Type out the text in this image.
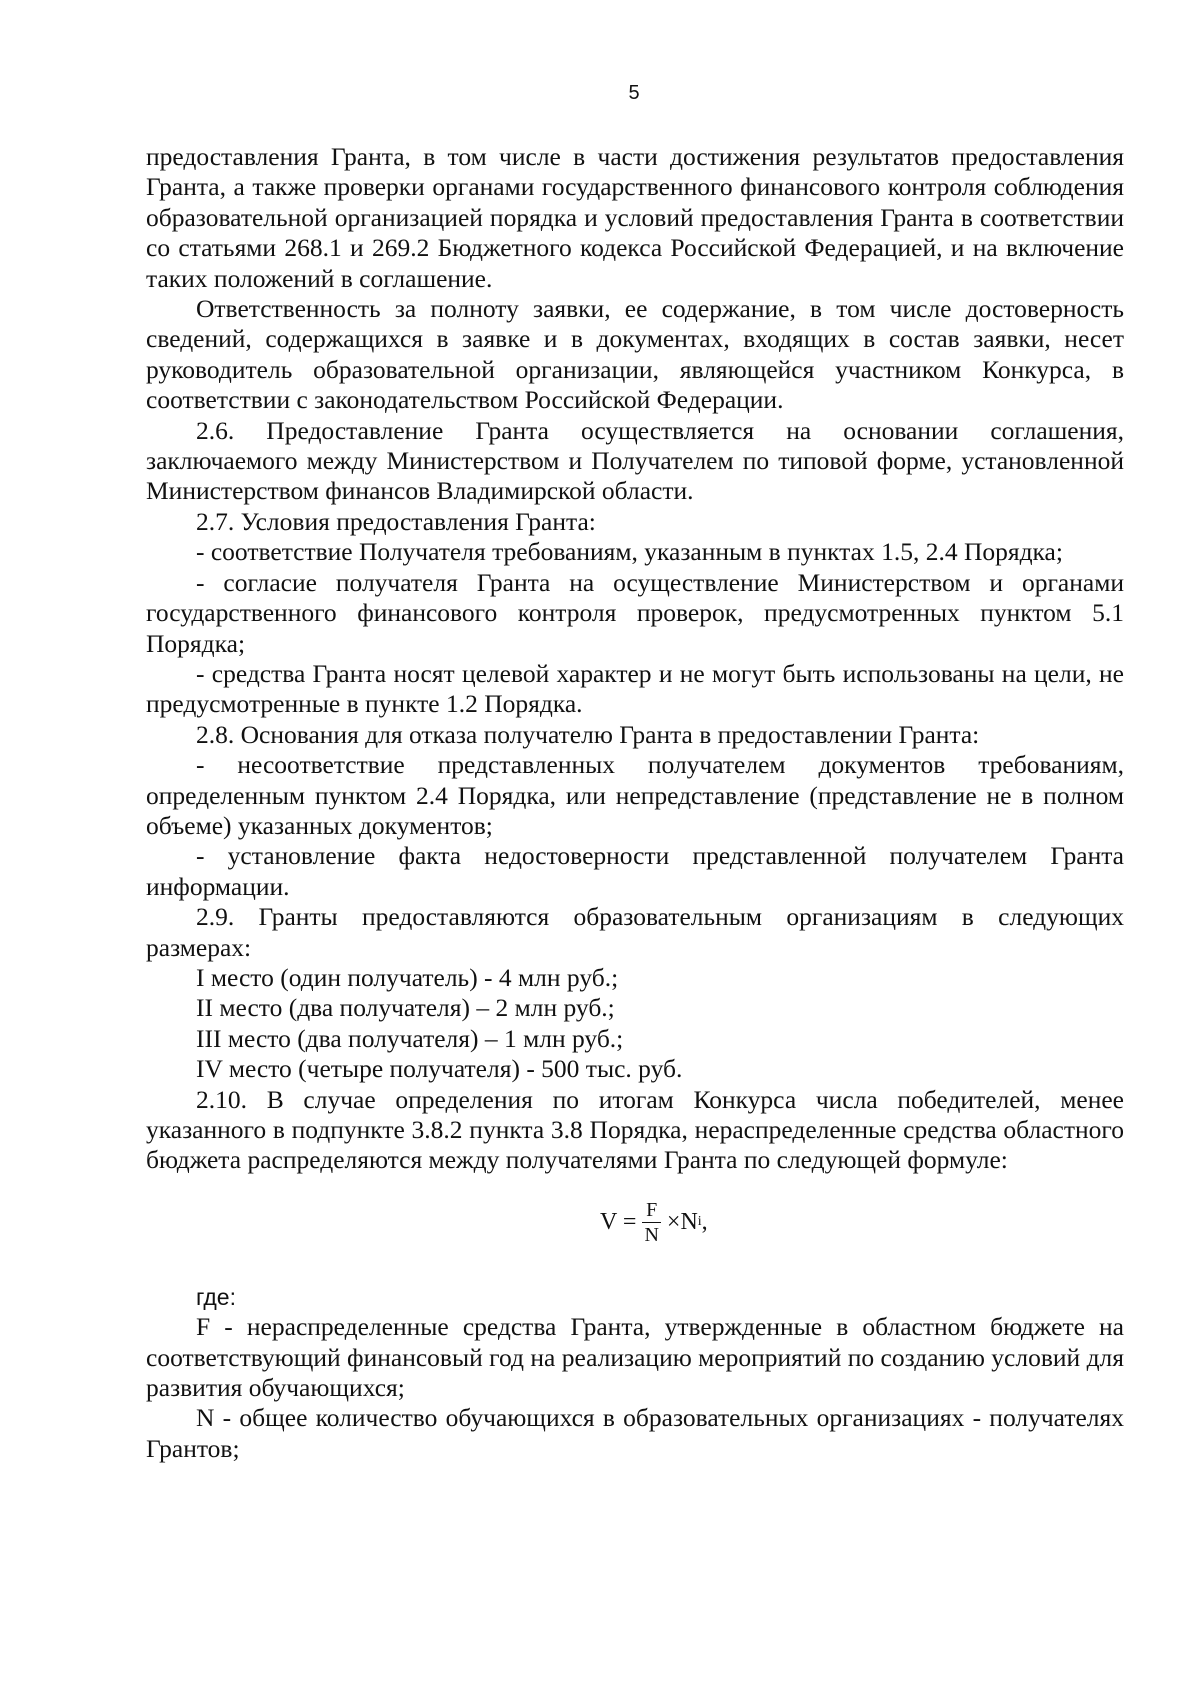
5

предоставления Гранта, в том числе в части достижения результатов предоставления Гранта, а также проверки органами государственного финансового контроля соблюдения образовательной организацией порядка и условий предоставления Гранта в соответствии со статьями 268.1 и 269.2 Бюджетного кодекса Российской Федерацией, и на включение таких положений в соглашение.

Ответственность за полноту заявки, ее содержание, в том числе достоверность сведений, содержащихся в заявке и в документах, входящих в состав заявки, несет руководитель образовательной организации, являющейся участником Конкурса, в соответствии с законодательством Российской Федерации.

2.6. Предоставление Гранта осуществляется на основании соглашения, заключаемого между Министерством и Получателем по типовой форме, установленной Министерством финансов Владимирской области.

2.7. Условия предоставления Гранта:

- соответствие Получателя требованиям, указанным в пунктах 1.5, 2.4 Порядка;

- согласие получателя Гранта на осуществление Министерством и органами государственного финансового контроля проверок, предусмотренных пунктом 5.1 Порядка;

- средства Гранта носят целевой характер и не могут быть использованы на цели, не предусмотренные в пункте 1.2 Порядка.

2.8. Основания для отказа получателю Гранта в предоставлении Гранта:

- несоответствие представленных получателем документов требованиям, определенным пунктом 2.4 Порядка, или непредставление (представление не в полном объеме) указанных документов;

- установление факта недостоверности представленной получателем Гранта информации.

2.9. Гранты предоставляются образовательным организациям в следующих размерах:

I место (один получатель) - 4 млн руб.;

II место (два получателя) – 2 млн руб.;

III место (два получателя) – 1 млн руб.;

IV место (четыре получателя) - 500 тыс. руб.

2.10. В случае определения по итогам Конкурса числа победителей, менее указанного в подпункте 3.8.2 пункта 3.8 Порядка, нераспределенные средства областного бюджета распределяются между получателями Гранта по следующей формуле:

$V = \frac{F}{N} \times N$ i ,

где:

F - нераспределенные средства Гранта, утвержденные в областном бюджете на соответствующий финансовый год на реализацию мероприятий по созданию условий для развития обучающихся;

N - общее количество обучающихся в образовательных организациях - получателях Грантов;
